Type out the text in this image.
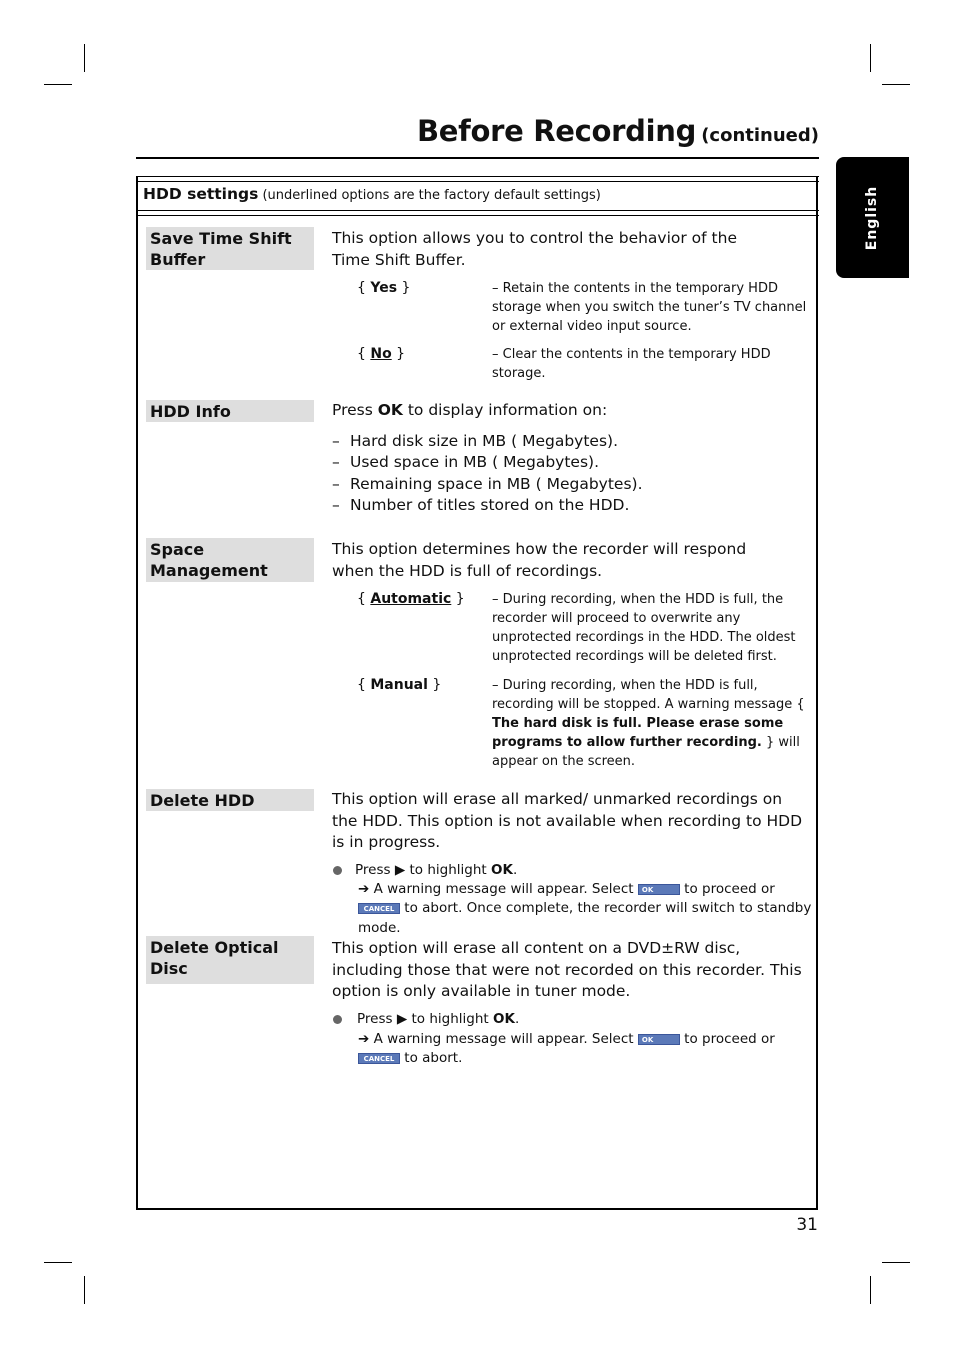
Before Recording (continued)
English
HDD settings (underlined options are the factory default settings)
Save Time Shift Buffer
This option allows you to control the behavior of the Time Shift Buffer.
{ Yes }	– Retain the contents in the temporary HDD storage when you switch the tuner’s TV channel or external video input source.
{ No }	– Clear the contents in the temporary HDD storage.
HDD Info	Press OK to display information on:
– Hard disk size in MB ( Megabytes).
– Used space in MB ( Megabytes).
– Remaining space in MB ( Megabytes).
– Number of titles stored on the HDD.
Space Management
This option determines how the recorder will respond when the HDD is full of recordings.
{ Automatic } – During recording, when the HDD is full, the recorder will proceed to overwrite any unprotected recordings in the HDD. The oldest unprotected recordings will be deleted first.
{ Manual }	– During recording, when the HDD is full, recording will be stopped. A warning message { The hard disk is full. Please erase some programs to allow further recording. } will appear on the screen.
Delete HDD	This option will erase all marked/ unmarked recordings on the HDD. This option is not available when recording to HDD is in progress.
Press ▶ to highlight OK.
➔ A warning message will appear. Select OK to proceed or CANCEL to abort. Once complete, the recorder will switch to standby mode.
Delete Optical Disc
This option will erase all content on a DVD±RW disc, including those that were not recorded on this recorder. This option is only available in tuner mode.
Press ▶ to highlight OK.
➔ A warning message will appear. Select OK to proceed or CANCEL to abort.
31
